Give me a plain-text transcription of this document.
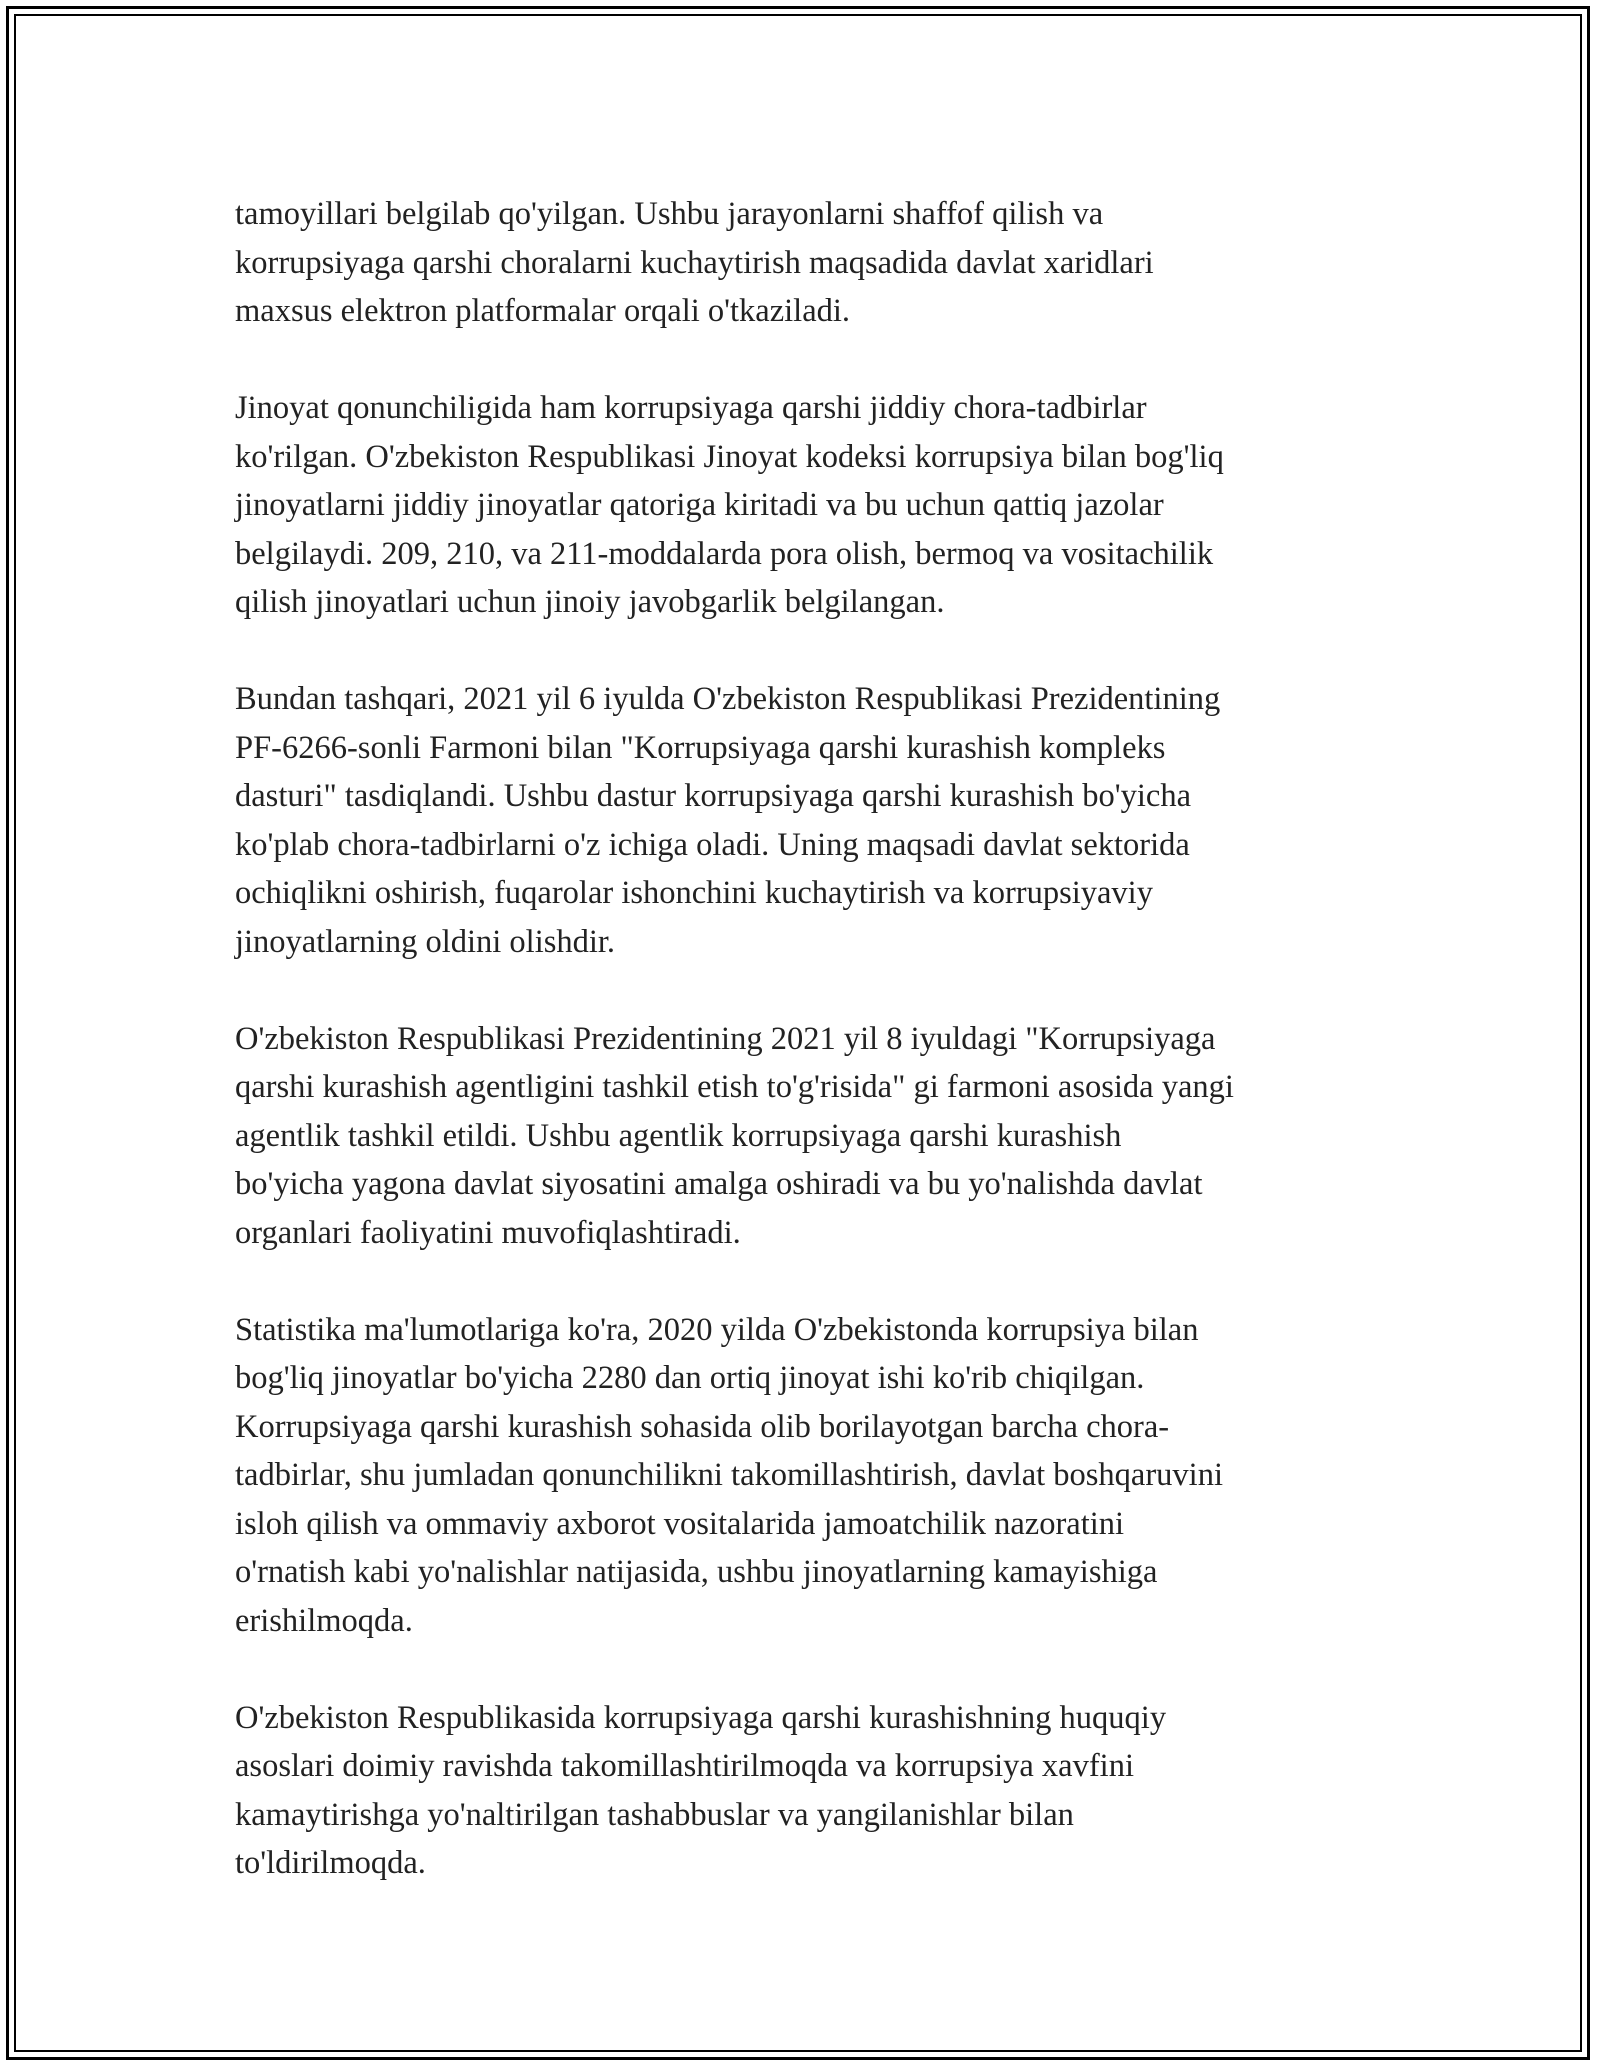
tamoyillari belgilab qo'yilgan. Ushbu jarayonlarni shaffof qilish va
korrupsiyaga qarshi choralarni kuchaytirish maqsadida davlat xaridlari
maxsus elektron platformalar orqali o'tkaziladi.
Jinoyat qonunchiligida ham korrupsiyaga qarshi jiddiy chora-tadbirlar
ko'rilgan. O'zbekiston Respublikasi Jinoyat kodeksi korrupsiya bilan bog'liq
jinoyatlarni jiddiy jinoyatlar qatoriga kiritadi va bu uchun qattiq jazolar
belgilaydi. 209, 210, va 211-moddalarda pora olish, bermoq va vositachilik
qilish jinoyatlari uchun jinoiy javobgarlik belgilangan.
Bundan tashqari, 2021 yil 6 iyulda O'zbekiston Respublikasi Prezidentining
PF-6266-sonli Farmoni bilan "Korrupsiyaga qarshi kurashish kompleks
dasturi" tasdiqlandi. Ushbu dastur korrupsiyaga qarshi kurashish bo'yicha
ko'plab chora-tadbirlarni o'z ichiga oladi. Uning maqsadi davlat sektorida
ochiqlikni oshirish, fuqarolar ishonchini kuchaytirish va korrupsiyaviy
jinoyatlarning oldini olishdir.
O'zbekiston Respublikasi Prezidentining 2021 yil 8 iyuldagi "Korrupsiyaga
qarshi kurashish agentligini tashkil etish to'g'risida" gi farmoni asosida yangi
agentlik tashkil etildi. Ushbu agentlik korrupsiyaga qarshi kurashish
bo'yicha yagona davlat siyosatini amalga oshiradi va bu yo'nalishda davlat
organlari faoliyatini muvofiqlashtiradi.
Statistika ma'lumotlariga ko'ra, 2020 yilda O'zbekistonda korrupsiya bilan
bog'liq jinoyatlar bo'yicha 2280 dan ortiq jinoyat ishi ko'rib chiqilgan.
Korrupsiyaga qarshi kurashish sohasida olib borilayotgan barcha chora-
tadbirlar, shu jumladan qonunchilikni takomillashtirish, davlat boshqaruvini
isloh qilish va ommaviy axborot vositalarida jamoatchilik nazoratini
o'rnatish kabi yo'nalishlar natijasida, ushbu jinoyatlarning kamayishiga
erishilmoqda.
O'zbekiston Respublikasida korrupsiyaga qarshi kurashishning huquqiy
asoslari doimiy ravishda takomillashtirilmoqda va korrupsiya xavfini
kamaytirishga yo'naltirilgan tashabbuslar va yangilanishlar bilan
to'ldirilmoqda.
